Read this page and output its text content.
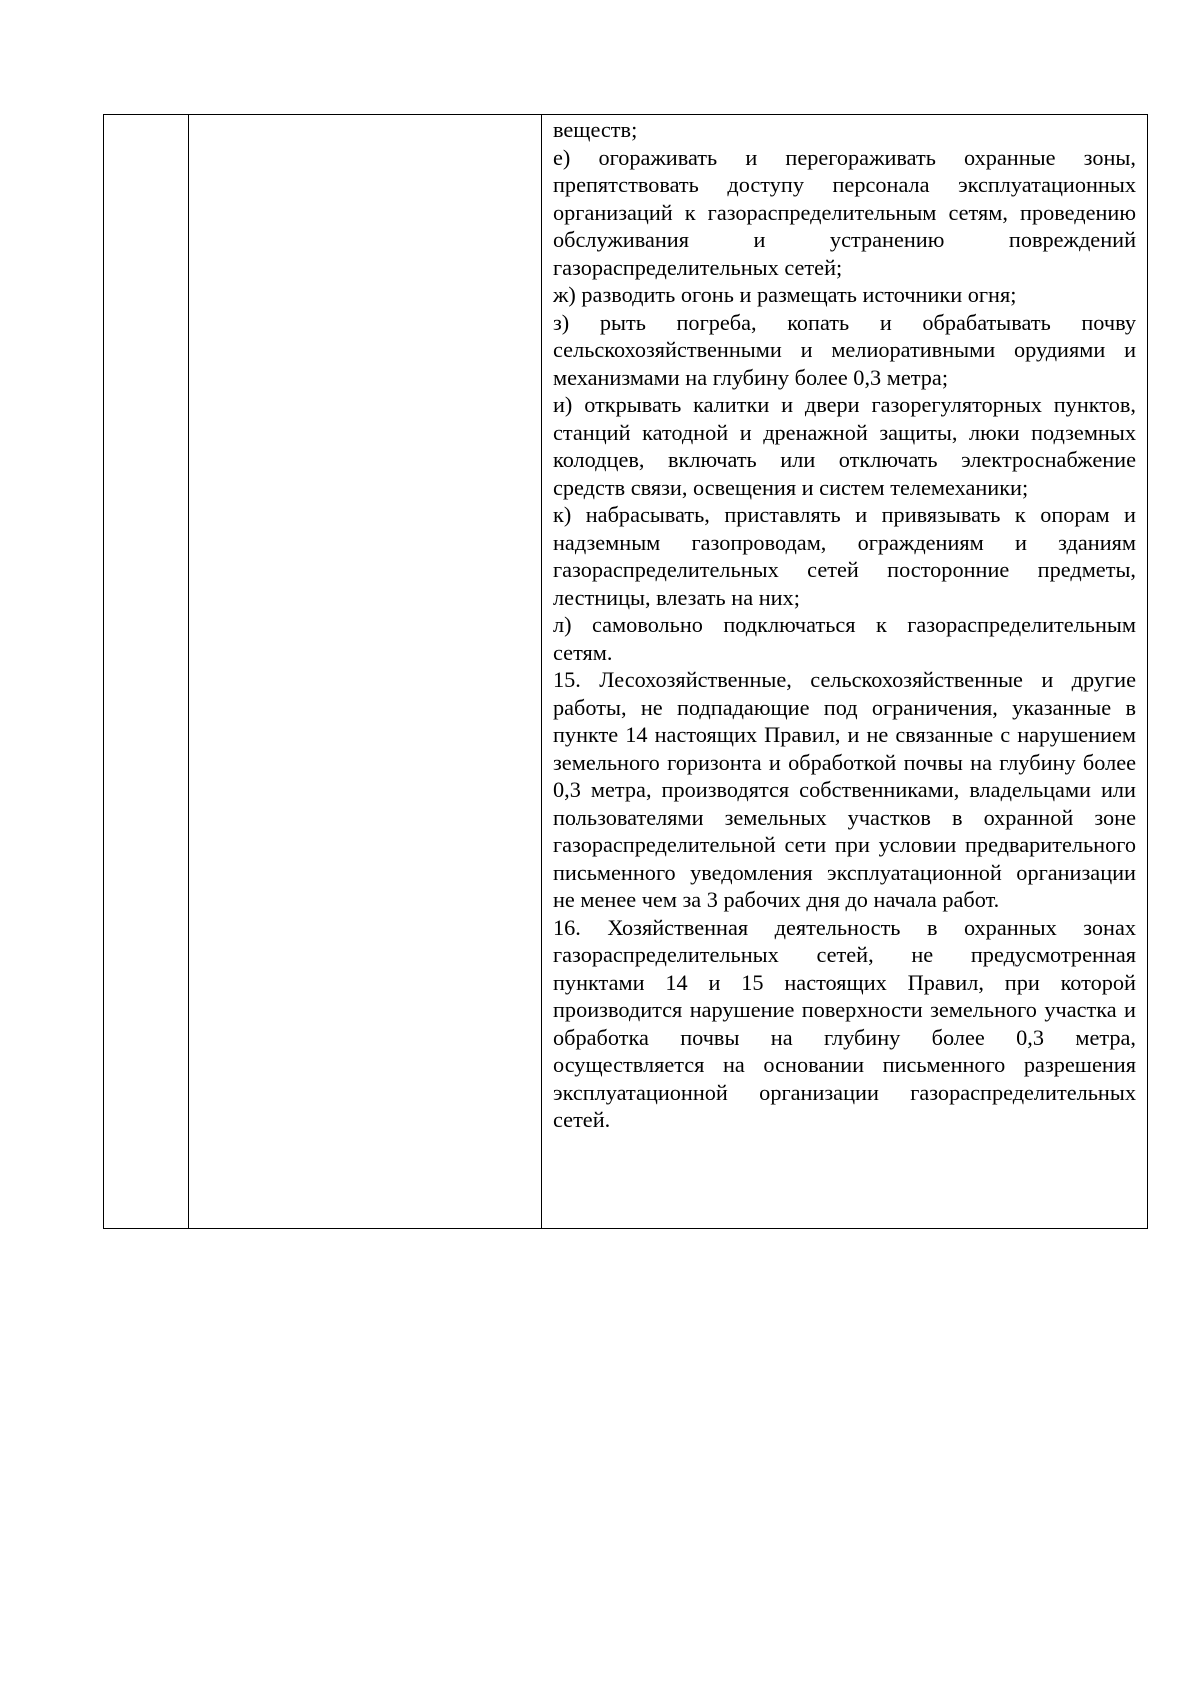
веществ;

е) огораживать и перегораживать охранные зоны, препятствовать доступу персонала эксплуатационных организаций к газораспределительным сетям, проведению обслуживания и устранению повреждений газораспределительных сетей;

ж) разводить огонь и размещать источники огня;

з) рыть погреба, копать и обрабатывать почву сельскохозяйственными и мелиоративными орудиями и механизмами на глубину более 0,3 метра;

и) открывать калитки и двери газорегуляторных пунктов, станций катодной и дренажной защиты, люки подземных колодцев, включать или отключать электроснабжение средств связи, освещения и систем телемеханики;

к) набрасывать, приставлять и привязывать к опорам и надземным газопроводам, ограждениям и зданиям газораспределительных сетей посторонние предметы, лестницы, влезать на них;

л) самовольно подключаться к газораспределительным сетям.

15. Лесохозяйственные, сельскохозяйственные и другие работы, не подпадающие под ограничения, указанные в пункте 14 настоящих Правил, и не связанные с нарушением земельного горизонта и обработкой почвы на глубину более 0,3 метра, производятся собственниками, владельцами или пользователями земельных участков в охранной зоне газораспределительной сети при условии предварительного письменного уведомления эксплуатационной организации не менее чем за 3 рабочих дня до начала работ.

16. Хозяйственная деятельность в охранных зонах газораспределительных сетей, не предусмотренная пунктами 14 и 15 настоящих Правил, при которой производится нарушение поверхности земельного участка и обработка почвы на глубину более 0,3 метра, осуществляется на основании письменного разрешения эксплуатационной организации газораспределительных сетей.
